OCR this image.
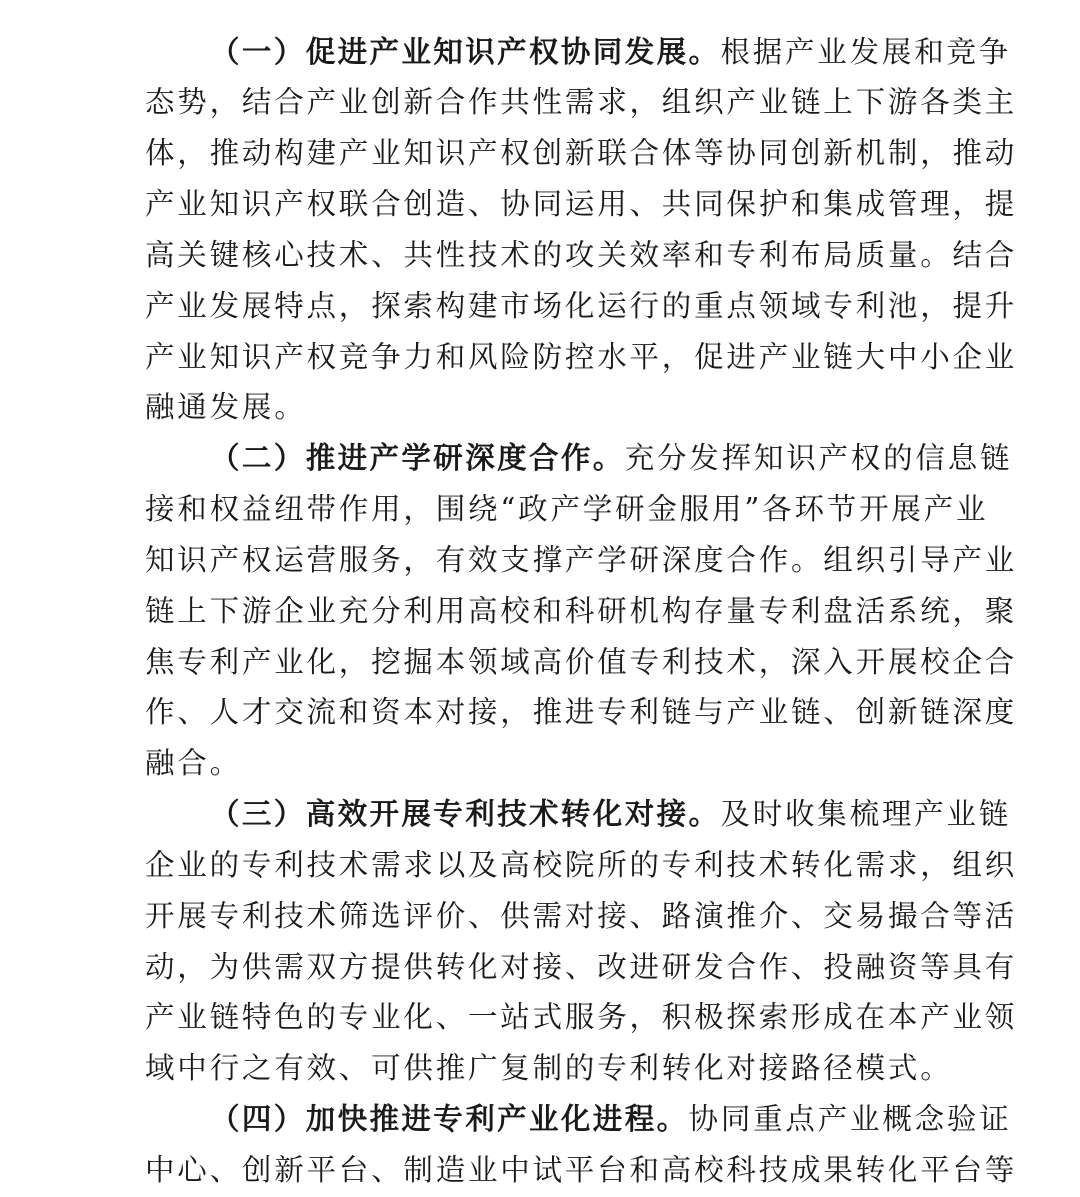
（一）促进产业知识产权协同发展。根据产业发展和竞争
态势，结合产业创新合作共性需求，组织产业链上下游各类主
体，推动构建产业知识产权创新联合体等协同创新机制，推动
产业知识产权联合创造、协同运用、共同保护和集成管理，提
高关键核心技术、共性技术的攻关效率和专利布局质量。结合
产业发展特点，探索构建市场化运行的重点领域专利池，提升
产业知识产权竞争力和风险防控水平，促进产业链大中小企业
融通发展。
（二）推进产学研深度合作。充分发挥知识产权的信息链
接和权益纽带作用，围绕“政产学研金服用”各环节开展产业
知识产权运营服务，有效支撑产学研深度合作。组织引导产业
链上下游企业充分利用高校和科研机构存量专利盘活系统，聚
焦专利产业化，挖掘本领域高价值专利技术，深入开展校企合
作、人才交流和资本对接，推进专利链与产业链、创新链深度
融合。
（三）高效开展专利技术转化对接。及时收集梳理产业链
企业的专利技术需求以及高校院所的专利技术转化需求，组织
开展专利技术筛选评价、供需对接、路演推介、交易撮合等活
动，为供需双方提供转化对接、改进研发合作、投融资等具有
产业链特色的专业化、一站式服务，积极探索形成在本产业领
域中行之有效、可供推广复制的专利转化对接路径模式。
（四）加快推进专利产业化进程。协同重点产业概念验证
中心、创新平台、制造业中试平台和高校科技成果转化平台等
